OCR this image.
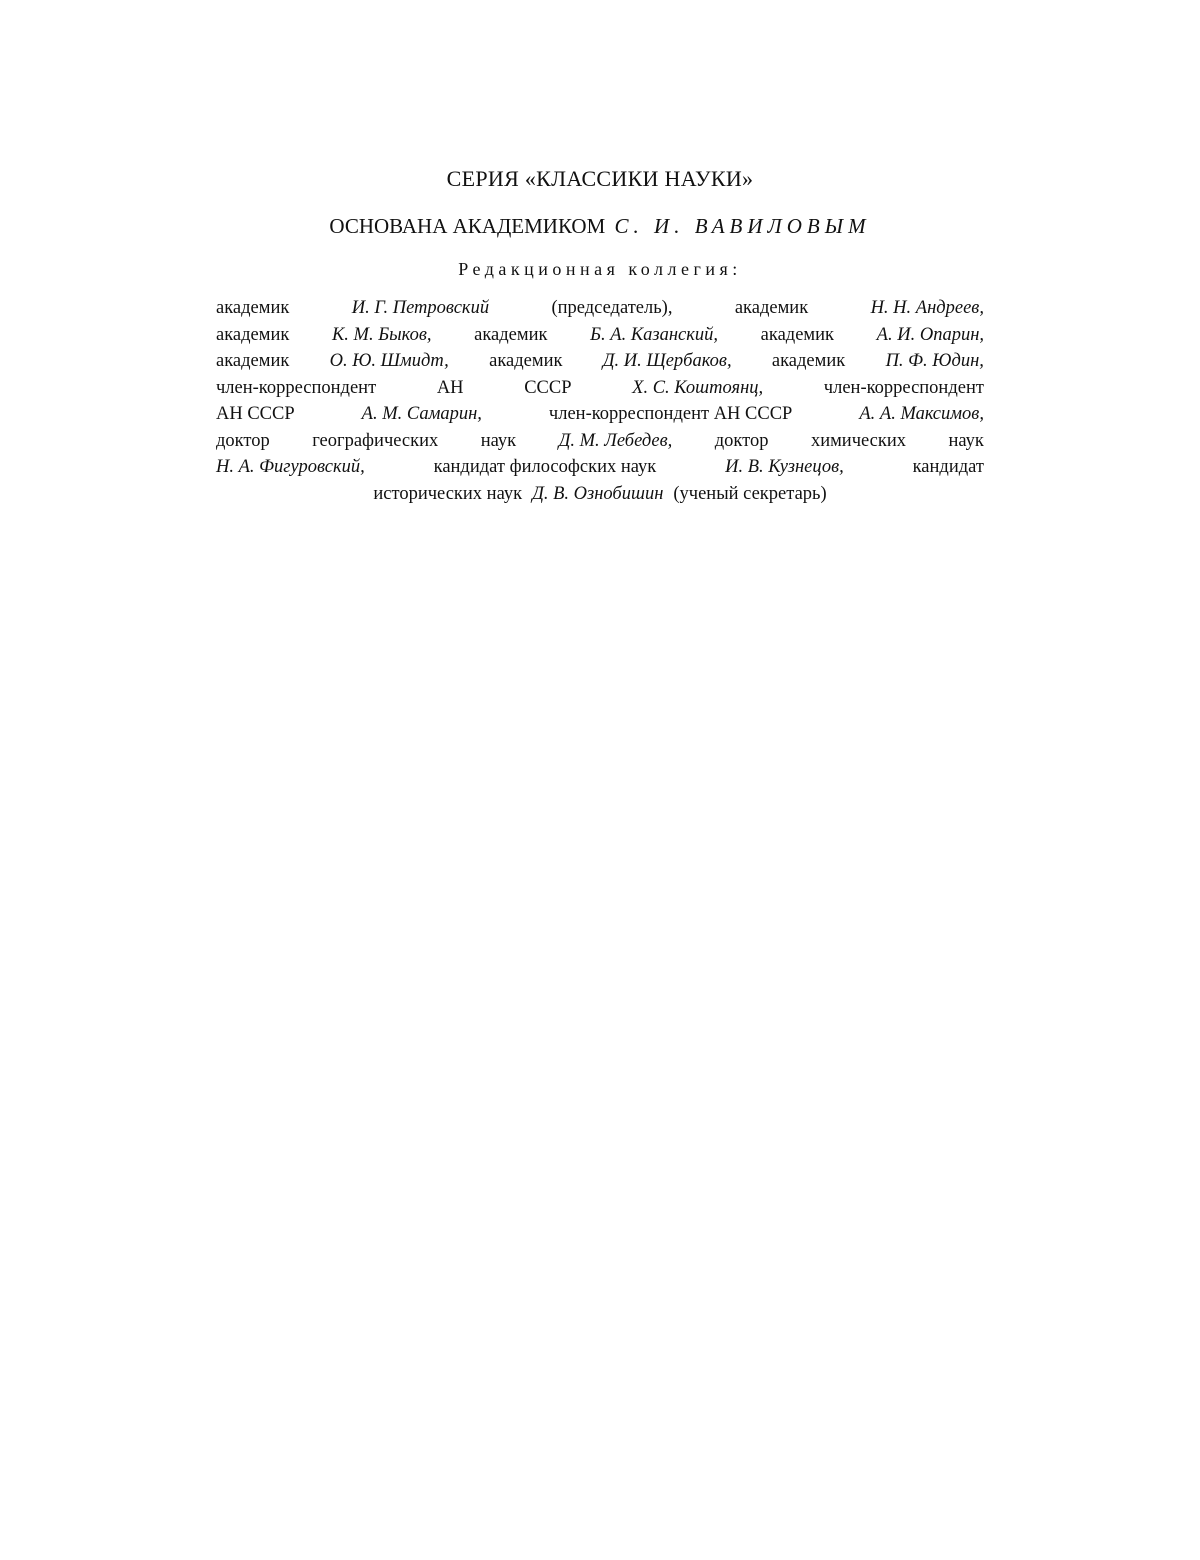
СЕРИЯ «КЛАССИКИ НАУКИ»
ОСНОВАНА АКАДЕМИКОМ С. И. ВАВИЛОВЫМ
Редакционная коллегия:
академик	И. Г. Петровский	(председатель),	академик	Н. Н. Андреев,
академик К. М. Быков, академик Б. А. Казанский, академик А. И. Опарин,
академик О. Ю. Шмидт, академик Д. И. Щербаков, академик П. Ф. Юдин,
член-корреспондент	АН	СССР	Х. С. Коштоянц,	член-корреспондент
АН СССР	А. М. Самарин,	член-корреспондент АН СССР	А. А. Максимов,
доктор географических наук Д. М. Лебедев, доктор химических наук
Н. А. Фигуровский,	кандидат философских наук	И. В. Кузнецов,	кандидат
исторических наук Д. В. Ознобишин (ученый секретарь)
